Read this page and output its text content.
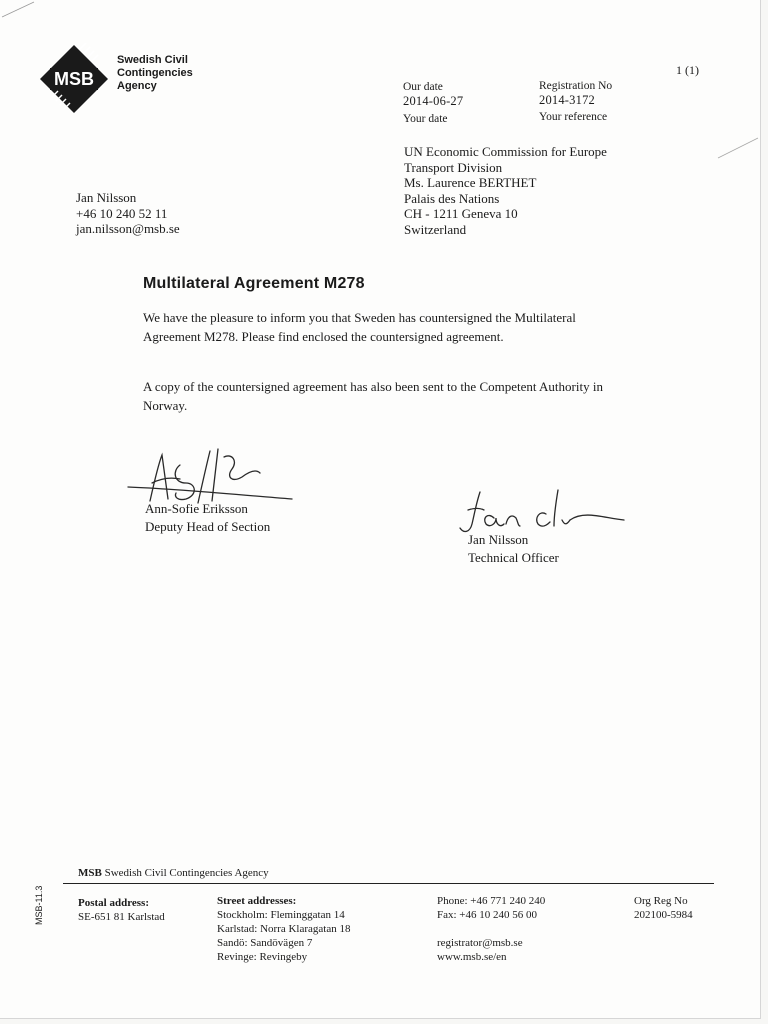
MSB
Swedish Civil
Contingencies
Agency
1 (1)
Our date
2014-06-27
Your date
Registration No
2014-3172
Your reference
UN Economic Commission for Europe
Transport Division
Ms. Laurence BERTHET
Palais des Nations
CH - 1211 Geneva 10
Switzerland
Jan Nilsson
+46 10 240 52 11
jan.nilsson@msb.se
Multilateral Agreement M278
We have the pleasure to inform you that Sweden has countersigned the Multilateral Agreement M278. Please find enclosed the countersigned agreement.
A copy of the countersigned agreement has also been sent to the Competent Authority in Norway.
Ann-Sofie Eriksson
Deputy Head of Section
Jan Nilsson
Technical Officer
MSB Swedish Civil Contingencies Agency
MSB-11.3	Postal address:
SE-651 81 Karlstad
Street addresses:
Stockholm: Fleminggatan 14
Karlstad: Norra Klaragatan 18
Sandö: Sandövägen 7
Revinge: Revingeby
Phone: +46 771 240 240
Fax: +46 10 240 56 00
registrator@msb.se
www.msb.se/en
Org Reg No
202100-5984
